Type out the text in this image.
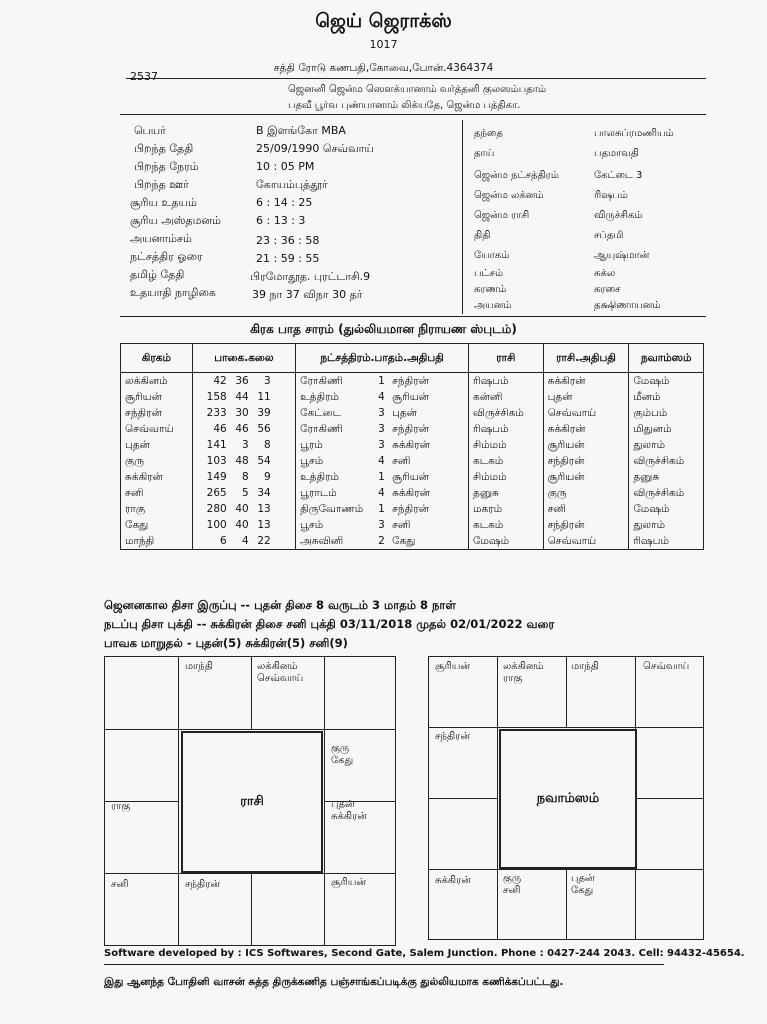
ஜெய் ஜெராக்ஸ்
1017
சத்தி ரோடு கணபதி,கோவை,போன்.4364374
2537
ஜெனனி ஜென்ம ஸௌக்யானாம் வர்த்தனி குலஸம்பதாம்
பதவீ பூர்வ புண்யானாம் லிக்யதே, ஜென்ம பத்திகா.
பெயர்	B இளங்கோ MBA
பிறந்த தேதி	25/09/1990 செவ்வாய்
பிறந்த நேரம்	10 : 05 PM
பிறந்த ஊர்	கோயம்புத்தூர்
சூரிய உதயம்	6 : 14 : 25
சூரிய அஸ்தமனம்	6 : 13 : 3
அயனாம்சம்	23 : 36 : 58
நட்சத்திர ஓரை	21 : 59 : 55
தமிழ் தேதி	பிரமோதூத. புரட்டாசி.9
உதயாதி நாழிகை	39 நா 37 விநா 30 தர்
தந்தை	பாலசுப்ரமணியம்
தாய்	பதமாவதி
ஜென்ம நட்சத்திரம்	கேட்டை 3
ஜென்ம லக்னம்	ரிஷபம்
ஜென்ம ராசி	விருச்சிகம்
திதி	சப்தமி
யோகம்	ஆயுஷ்மான்
பட்சம்	சுக்ல
கரணம்	கரசை
அயனம்	தக்ஷிணாயனம்
கிரக பாத சாரம் (துல்லியமான நிராயண ஸ்புடம்)
கிரகம்	பாகை.கலை	நட்சத்திரம்.பாதம்.அதிபதி	ராசி	ராசி.அதிபதி	நவாம்ஸம்
லக்கினம்	42 36 3	ரோகிணி 1 சந்திரன்	ரிஷபம்	சுக்கிரன்	மேஷம்
சூரியன்	158 44 11	உத்திரம் 4 சூரியன்	கன்னி	புதன்	மீனம்
சந்திரன்	233 30 39	கேட்டை 3 புதன்	விருச்சிகம்	செவ்வாய்	கும்பம்
செவ்வாய்	46 46 56	ரோகிணி 3 சந்திரன்	ரிஷபம்	சுக்கிரன்	மிதுனம்
புதன்	141 3 8	பூரம் 3 சுக்கிரன்	சிம்மம்	சூரியன்	துலாம்
குரு	103 48 54	பூசம் 4 சனி	கடகம்	சந்திரன்	விருச்சிகம்
சுக்கிரன்	149 8 9	உத்திரம் 1 சூரியன்	சிம்மம்	சூரியன்	தனுசு
சனி	265 5 34	பூராடம் 4 சுக்கிரன்	தனுசு	குரு	விருச்சிகம்
ராகு	280 40 13	திருவோணம் 1 சந்திரன்	மகரம்	சனி	மேஷம்
கேது	100 40 13	பூசம் 3 சனி	கடகம்	சந்திரன்	துலாம்
மாந்தி	6 4 22	அசுவினி 2 கேது	மேஷம்	செவ்வாய்	ரிஷபம்
ஜெனனகால திசா இருப்பு -- புதன் திசை 8 வருடம் 3 மாதம் 8 நாள்
நடப்பு திசா புக்தி -- சுக்கிரன் திசை சனி புக்தி 03/11/2018 முதல் 02/01/2022 வரை
பாவக மாறுதல் - புதன்(5) சுக்கிரன்(5) சனி(9)
ராசி
மாந்தி	லக்கினம்
செவ்வாய்
குரு
கேது
ராகு	புதன்
சுக்கிரன்
சனி	சந்திரன்	சூரியன்
நவாம்ஸம்
சூரியன்	லக்கினம்
ராகு
மாந்தி	செவ்வாய்
சந்திரன்
சுக்கிரன்	குரு
சனி
புதன்
கேது
Software developed by : ICS Softwares, Second Gate, Salem Junction. Phone : 0427-244 2043. Cell: 94432-45654.
இது ஆனந்த போதினி வாசன் சுத்த திருக்கணித பஞ்சாங்கப்படிக்கு துல்லியமாக கணிக்கப்பட்டது.
